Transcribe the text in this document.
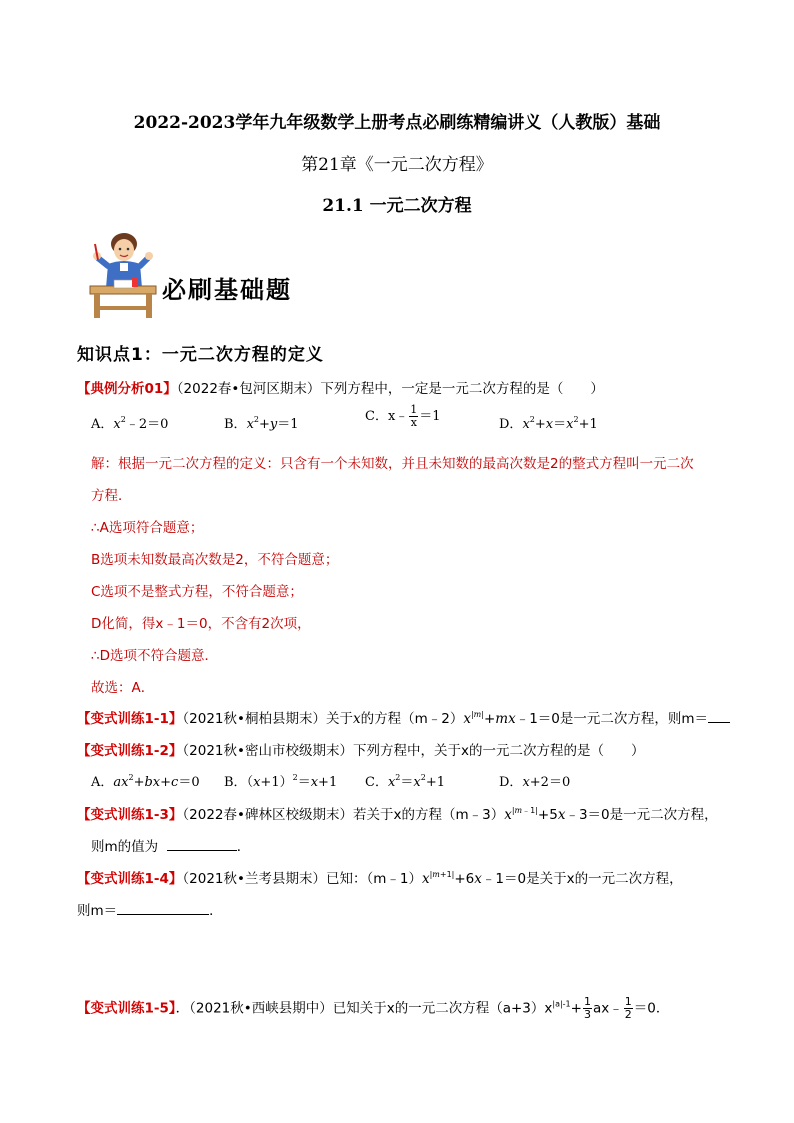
2022-2023学年九年级数学上册考点必刷练精编讲义（人教版）基础
第21章《一元二次方程》
21.1 一元二次方程
必刷基础题
知识点1：一元二次方程的定义
【典例分析01】（2022春•包河区期末）下列方程中，一定是一元二次方程的是（　　）
A．$x^2﹣2=0$	B．$x^2+y=1$
C．x﹣ $\frac{1}{x} =1$
D．$x^2+x=x^2+1$
解：根据一元二次方程的定义：只含有一个未知数，并且未知数的最高次数是2的整式方程叫一元二次
方程．
∴A选项符合题意；
B选项未知数最高次数是2，不符合题意；
C选项不是整式方程，不符合题意；
D化简，得x﹣1＝0，不含有2次项，
∴D选项不符合题意．
故选：A．
【变式训练1-1】（2021秋•桐柏县期末）关于x的方程$(m﹣2)x^{|m|}+mx﹣1=0$是一元二次方程，则m＝
【变式训练1-2】（2021秋•密山市校级期末）下列方程中，关于x的一元二次方程的是（　　）
A．$ax^2+bx+c=0$ B．$(x+1)^2=x+1$ C．$x^2=x^2+1$	D．x+2＝0
【变式训练1-3】（2022春•碑林区校级期末）若关于x的方程$(m﹣3)x^{|m﹣1|}+5x﹣3=0$是一元二次方程，
则m的值为	．
【变式训练1-4】（2021秋•兰考县期末）已知：$(m﹣1)x^{|m+1|}+6x﹣1=0$是关于x的一元二次方程，
则m＝	．
【变式训练1-5】．（2021秋•西峡县期中）已知关于x的一元二次方程$(a+3)x^{|a|-1}+ \frac{1}{3}$ ax﹣ $\frac{1}{2} =0$．
